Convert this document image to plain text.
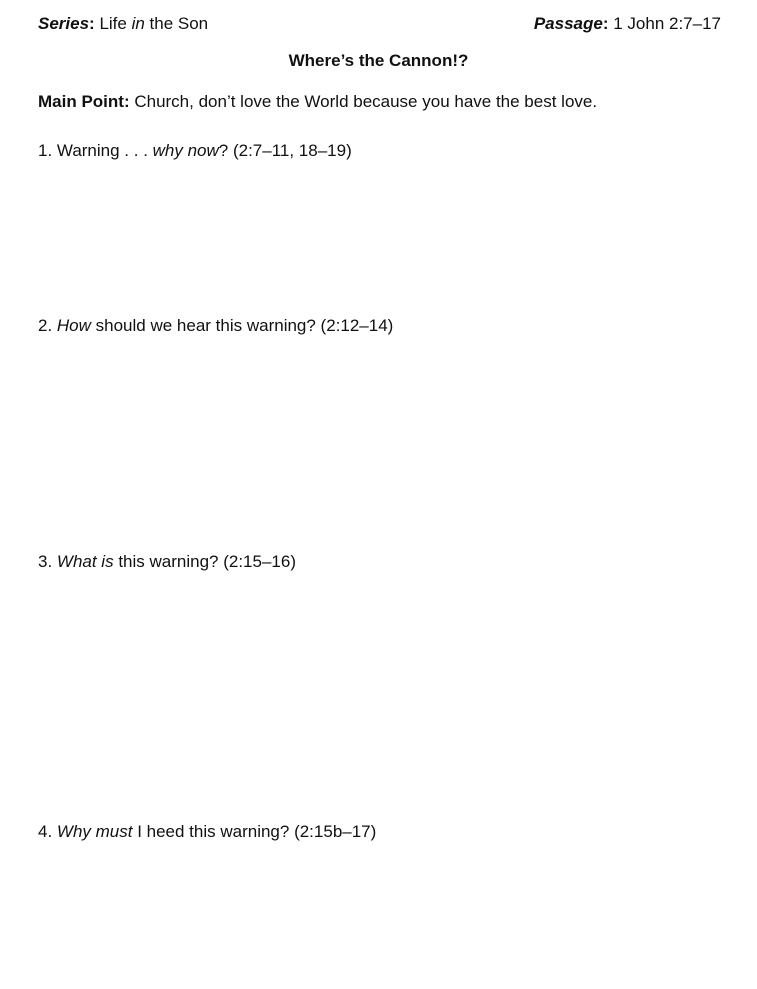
Series: Life in the Son	Passage: 1 John 2:7–17
Where’s the Cannon!?
Main Point: Church, don’t love the World because you have the best love.
1. Warning . . . why now? (2:7–11, 18–19)
2. How should we hear this warning? (2:12–14)
3. What is this warning? (2:15–16)
4. Why must I heed this warning? (2:15b–17)
